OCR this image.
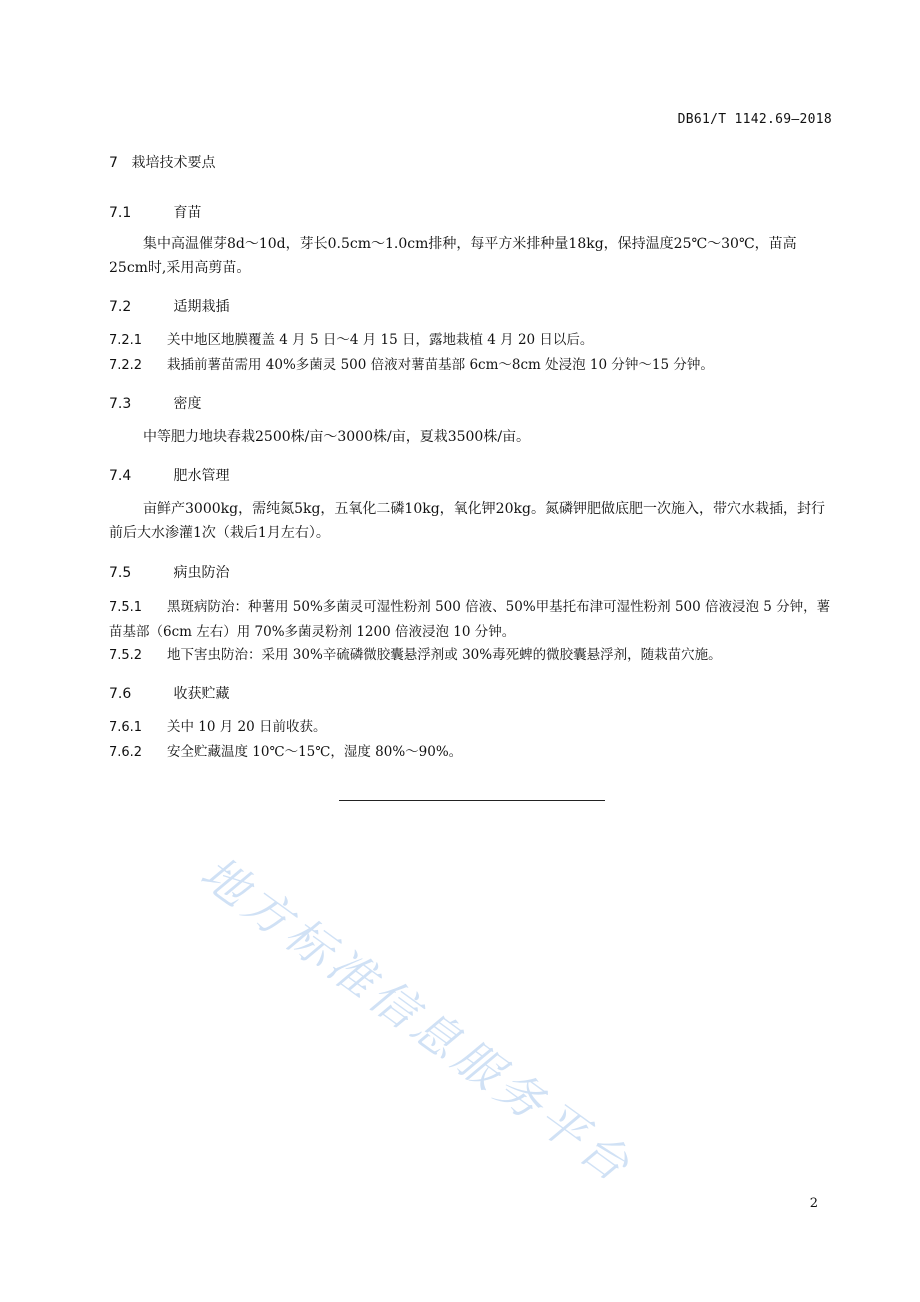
DB61/T 1142.69—2018
7 栽培技术要点
7.1	育苗
集中高温催芽8d～10d，芽长0.5cm～1.0cm排种，每平方米排种量18kg，保持温度25℃～30℃，苗高25cm时,采用高剪苗。
7.2	适期栽插
7.2.1 关中地区地膜覆盖 4 月 5 日～4 月 15 日，露地栽植 4 月 20 日以后。
7.2.2 栽插前薯苗需用 40%多菌灵 500 倍液对薯苗基部 6cm～8cm 处浸泡 10 分钟～15 分钟。
7.3	密度
中等肥力地块春栽2500株/亩～3000株/亩，夏栽3500株/亩。
7.4	肥水管理
亩鲜产3000kg，需纯氮5kg，五氧化二磷10kg，氧化钾20kg。氮磷钾肥做底肥一次施入，带穴水栽插，封行前后大水渗灌1次（栽后1月左右）。
7.5	病虫防治
7.5.1 黑斑病防治：种薯用 50%多菌灵可湿性粉剂 500 倍液、50%甲基托布津可湿性粉剂 500 倍液浸泡 5 分钟，薯苗基部（6cm 左右）用 70%多菌灵粉剂 1200 倍液浸泡 10 分钟。
7.5.2 地下害虫防治：采用 30%辛硫磷微胶囊悬浮剂或 30%毒死蜱的微胶囊悬浮剂，随栽苗穴施。
7.6	收获贮藏
7.6.1 关中 10 月 20 日前收获。
7.6.2 安全贮藏温度 10℃～15℃，湿度 80%～90%。
地方标准信息服务平台
2
